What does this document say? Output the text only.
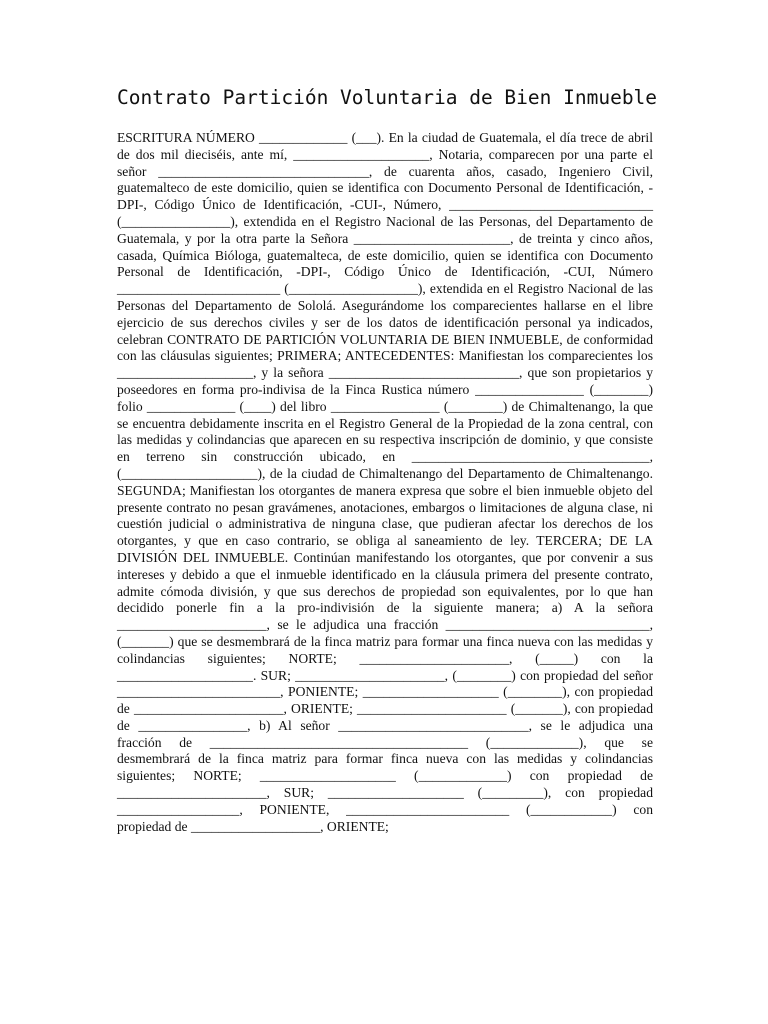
Contrato Partición Voluntaria de Bien Inmueble

ESCRITURA NÚMERO _____________ (___). En la ciudad de Guatemala, el día trece de abril de dos mil dieciséis, ante mí, ____________________, Notaria, comparecen por una parte el señor _______________________________, de cuarenta años, casado, Ingeniero Civil, guatemalteco de este domicilio, quien se identifica con Documento Personal de Identificación, -DPI-, Código Único de Identificación, -CUI-, Número, ______________________________ (________________), extendida en el Registro Nacional de las Personas, del Departamento de Guatemala, y por la otra parte la Señora _______________________, de treinta y cinco años, casada, Química Bióloga, guatemalteca, de este domicilio, quien se identifica con Documento Personal de Identificación, -DPI-, Código Único de Identificación, -CUI, Número ________________________ (___________________), extendida en el Registro Nacional de las Personas del Departamento de Sololá. Asegurándome los comparecientes hallarse en el libre ejercicio de sus derechos civiles y ser de los datos de identificación personal ya indicados, celebran CONTRATO DE PARTICIÓN VOLUNTARIA DE BIEN INMUEBLE, de conformidad con las cláusulas siguientes; PRIMERA; ANTECEDENTES: Manifiestan los comparecientes los ____________________, y la señora ____________________________, que son propietarios y poseedores en forma pro-indivisa de la Finca Rustica número ________________ (________) folio _____________ (____) del libro ________________ (________) de Chimaltenango, la que se encuentra debidamente inscrita en el Registro General de la Propiedad de la zona central, con las medidas y colindancias que aparecen en su respectiva inscripción de dominio, y que consiste en terreno sin construcción ubicado, en ___________________________________, (____________________), de la ciudad de Chimaltenango del Departamento de Chimaltenango. SEGUNDA; Manifiestan los otorgantes de manera expresa que sobre el bien inmueble objeto del presente contrato no pesan gravámenes, anotaciones, embargos o limitaciones de alguna clase, ni cuestión judicial o administrativa de ninguna clase, que pudieran afectar los derechos de los otorgantes, y que en caso contrario, se obliga al saneamiento de ley. TERCERA; DE LA DIVISIÓN DEL INMUEBLE. Continúan manifestando los otorgantes, que por convenir a sus intereses y debido a que el inmueble identificado en la cláusula primera del presente contrato, admite cómoda división, y que sus derechos de propiedad son equivalentes, por lo que han decidido ponerle fin a la pro-indivisión de la siguiente manera; a) A la señora ______________________, se le adjudica una fracción ______________________________, (_______) que se desmembrará de la finca matriz para formar una finca nueva con las medidas y colindancias siguientes; NORTE; ______________________, (_____) con la ____________________. SUR; ______________________, (________) con propiedad del señor ________________________, PONIENTE; ____________________ (________), con propiedad de ______________________, ORIENTE; ______________________ (_______), con propiedad de ________________, b) Al señor ____________________________, se le adjudica una fracción de ______________________________________ (_____________), que se desmembrará de la finca matriz para formar finca nueva con las medidas y colindancias siguientes; NORTE; ____________________ (_____________) con propiedad de ______________________, SUR; ____________________ (_________), con propiedad __________________, PONIENTE, ________________________ (____________) con propiedad de ___________________, ORIENTE;
